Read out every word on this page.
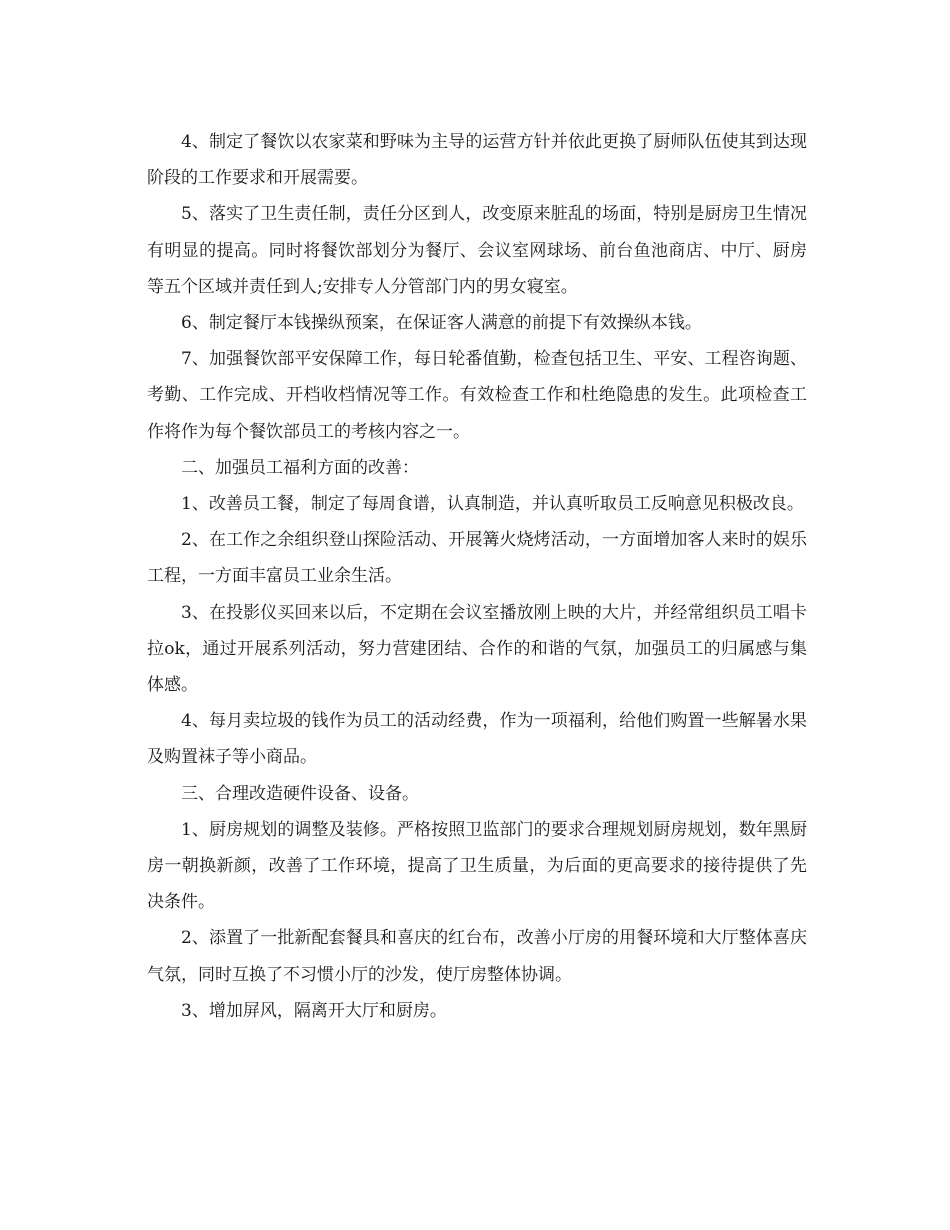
4、制定了餐饮以农家菜和野味为主导的运营方针并依此更换了厨师队伍使其到达现阶段的工作要求和开展需要。

5、落实了卫生责任制，责任分区到人，改变原来脏乱的场面，特别是厨房卫生情况有明显的提高。同时将餐饮部划分为餐厅、会议室网球场、前台鱼池商店、中厅、厨房等五个区域并责任到人;安排专人分管部门内的男女寝室。

6、制定餐厅本钱操纵预案，在保证客人满意的前提下有效操纵本钱。

7、加强餐饮部平安保障工作，每日轮番值勤，检查包括卫生、平安、工程咨询题、考勤、工作完成、开档收档情况等工作。有效检查工作和杜绝隐患的发生。此项检查工作将作为每个餐饮部员工的考核内容之一。

二、加强员工福利方面的改善：

1、改善员工餐，制定了每周食谱，认真制造，并认真听取员工反响意见积极改良。

2、在工作之余组织登山探险活动、开展篝火烧烤活动，一方面增加客人来时的娱乐工程，一方面丰富员工业余生活。

3、在投影仪买回来以后，不定期在会议室播放刚上映的大片，并经常组织员工唱卡拉ok，通过开展系列活动，努力营建团结、合作的和谐的气氛，加强员工的归属感与集体感。

4、每月卖垃圾的钱作为员工的活动经费，作为一项福利，给他们购置一些解暑水果及购置袜子等小商品。

三、合理改造硬件设备、设备。

1、厨房规划的调整及装修。严格按照卫监部门的要求合理规划厨房规划，数年黑厨房一朝换新颜，改善了工作环境，提高了卫生质量，为后面的更高要求的接待提供了先决条件。

2、添置了一批新配套餐具和喜庆的红台布，改善小厅房的用餐环境和大厅整体喜庆气氛，同时互换了不习惯小厅的沙发，使厅房整体协调。

3、增加屏风，隔离开大厅和厨房。
